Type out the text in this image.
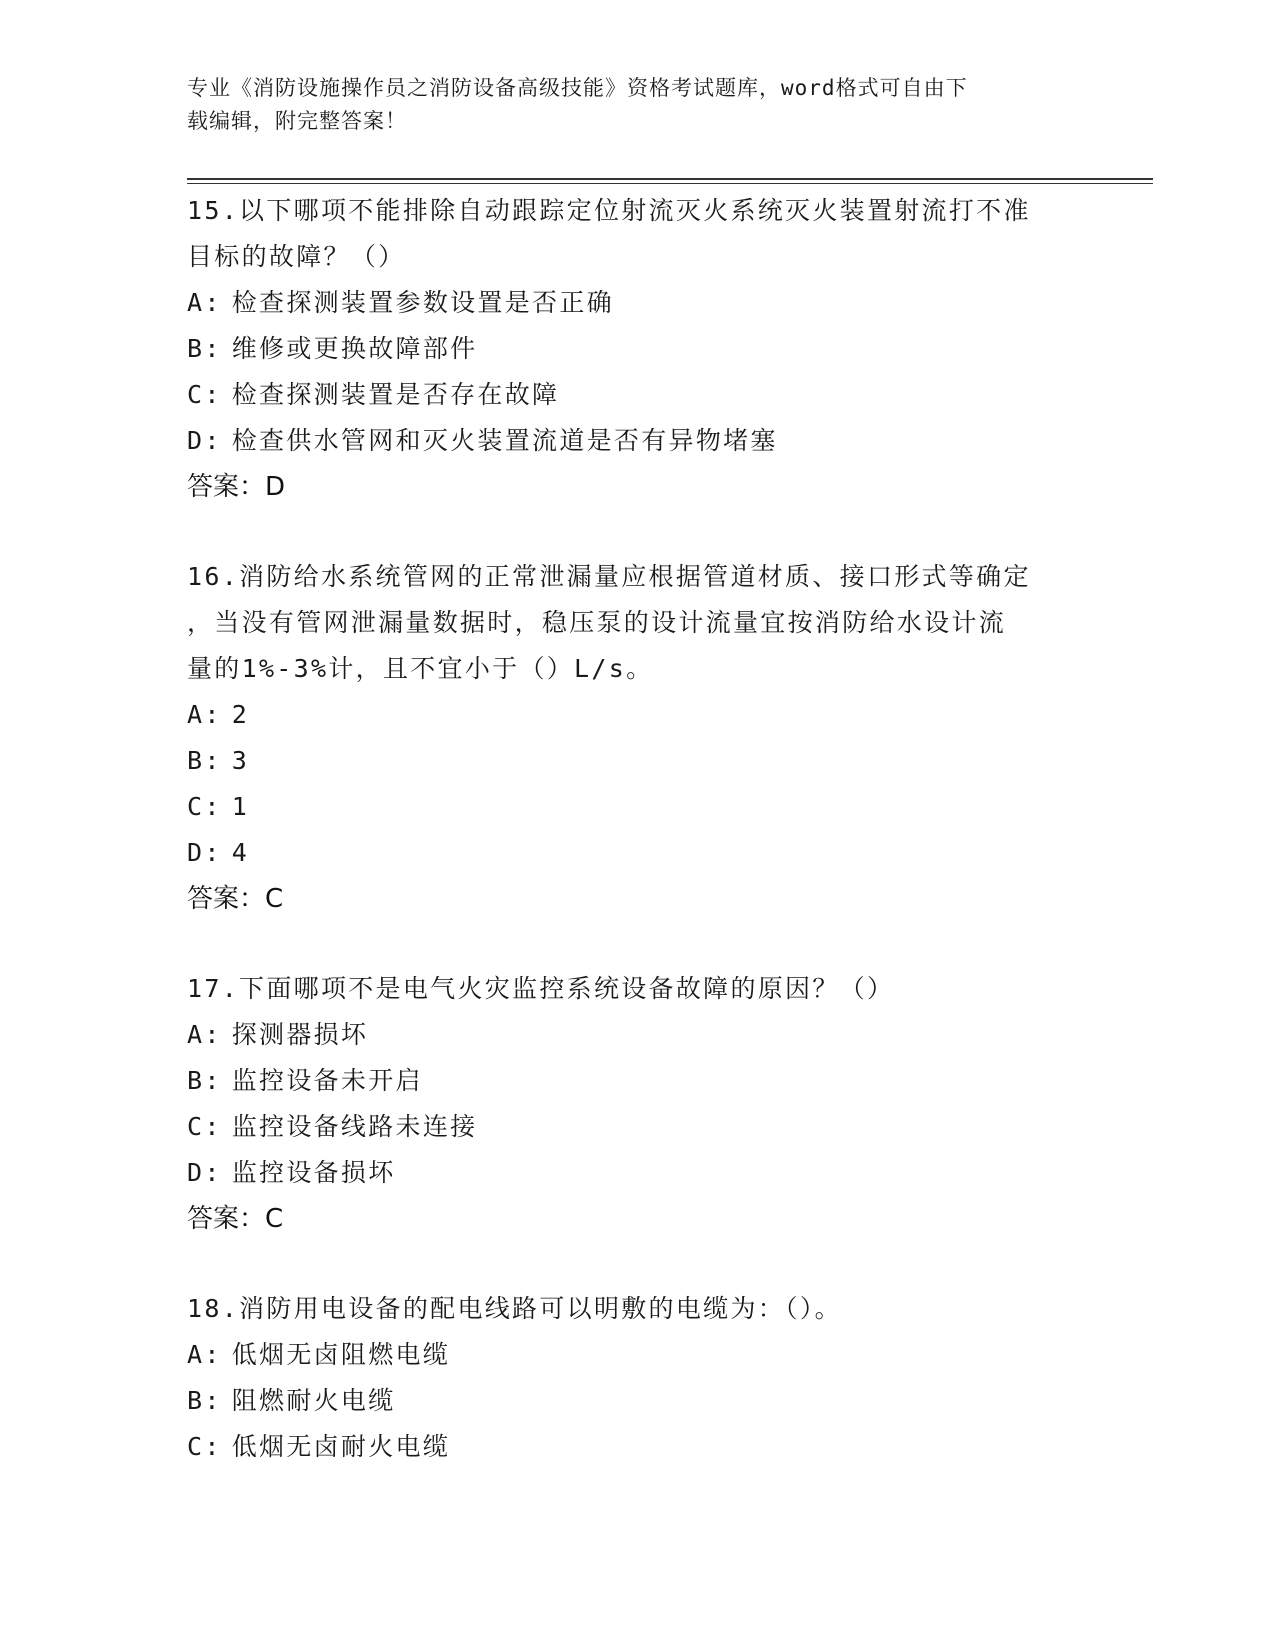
专业《消防设施操作员之消防设备高级技能》资格考试题库，word格式可自由下
载编辑，附完整答案！

15.以下哪项不能排除自动跟踪定位射流灭火系统灭火装置射流打不准

目标的故障？（）

A: 检查探测装置参数设置是否正确

B: 维修或更换故障部件

C: 检查探测装置是否存在故障

D: 检查供水管网和灭火装置流道是否有异物堵塞

答案：D

16.消防给水系统管网的正常泄漏量应根据管道材质、接口形式等确定

，当没有管网泄漏量数据时，稳压泵的设计流量宜按消防给水设计流

量的1%-3%计，且不宜小于（）L/s。

A: 2

B: 3

C: 1

D: 4

答案：C

17.下面哪项不是电气火灾监控系统设备故障的原因？（）

A: 探测器损坏

B: 监控设备未开启

C: 监控设备线路未连接

D: 监控设备损坏

答案：C

18.消防用电设备的配电线路可以明敷的电缆为：（）。

A: 低烟无卤阻燃电缆

B: 阻燃耐火电缆

C: 低烟无卤耐火电缆
